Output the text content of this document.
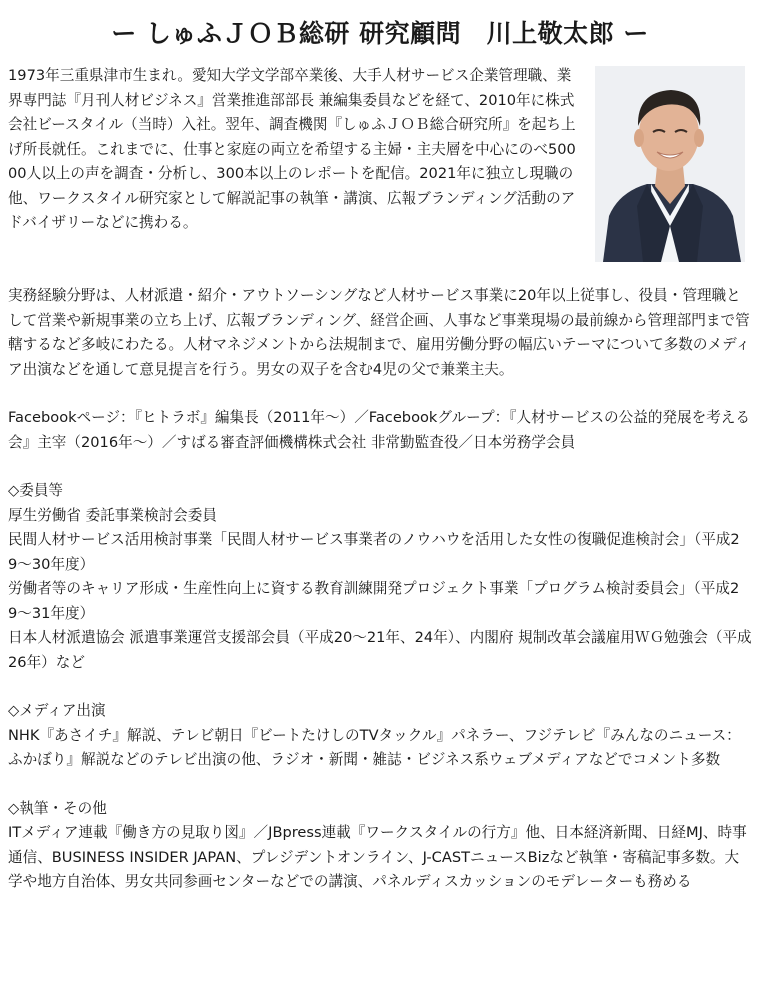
ー しゅふＪＯＢ総研 研究顧問　川上敬太郎 ー

1973年三重県津市生まれ。愛知大学文学部卒業後、大手人材サービス企業管理職、業界専門誌『月刊人材ビジネス』営業推進部部長 兼編集委員などを経て、2010年に株式会社ビースタイル（当時）入社。翌年、調査機関『しゅふＪＯＢ総合研究所』を起ち上げ所長就任。これまでに、仕事と家庭の両立を希望する主婦・主夫層を中心にのべ50000人以上の声を調査・分析し、300本以上のレポートを配信。2021年に独立し現職の他、ワークスタイル研究家として解説記事の執筆・講演、広報ブランディング活動のアドバイザリーなどに携わる。

実務経験分野は、人材派遣・紹介・アウトソーシングなど人材サービス事業に20年以上従事し、役員・管理職として営業や新規事業の立ち上げ、広報ブランディング、経営企画、人事など事業現場の最前線から管理部門まで管轄するなど多岐にわたる。人材マネジメントから法規制まで、雇用労働分野の幅広いテーマについて多数のメディア出演などを通して意見提言を行う。男女の双子を含む4児の父で兼業主夫。

Facebookページ：『ヒトラボ』編集長（2011年〜）／Facebookグループ：『人材サービスの公益的発展を考える会』主宰（2016年〜）／すばる審査評価機構株式会社 非常勤監査役／日本労務学会員

◇委員等

厚生労働省 委託事業検討会委員

民間人材サービス活用検討事業「民間人材サービス事業者のノウハウを活用した女性の復職促進検討会」（平成29〜30年度）

労働者等のキャリア形成・生産性向上に資する教育訓練開発プロジェクト事業「プログラム検討委員会」（平成29〜31年度）

日本人材派遣協会 派遣事業運営支援部会員（平成20〜21年、24年）、内閣府 規制改革会議雇用ＷＧ勉強会（平成26年）など

◇メディア出演

NHK『あさイチ』解説、テレビ朝日『ビートたけしのTVタックル』パネラー、フジテレビ『みんなのニュース：ふかぼり』解説などのテレビ出演の他、ラジオ・新聞・雑誌・ビジネス系ウェブメディアなどでコメント多数

◇執筆・その他

ITメディア連載『働き方の見取り図』／JBpress連載『ワークスタイルの行方』他、日本経済新聞、日経MJ、時事通信、BUSINESS INSIDER JAPAN、プレジデントオンライン、J-CASTニュースBizなど執筆・寄稿記事多数。大学や地方自治体、男女共同参画センターなどでの講演、パネルディスカッションのモデレーターも務める
